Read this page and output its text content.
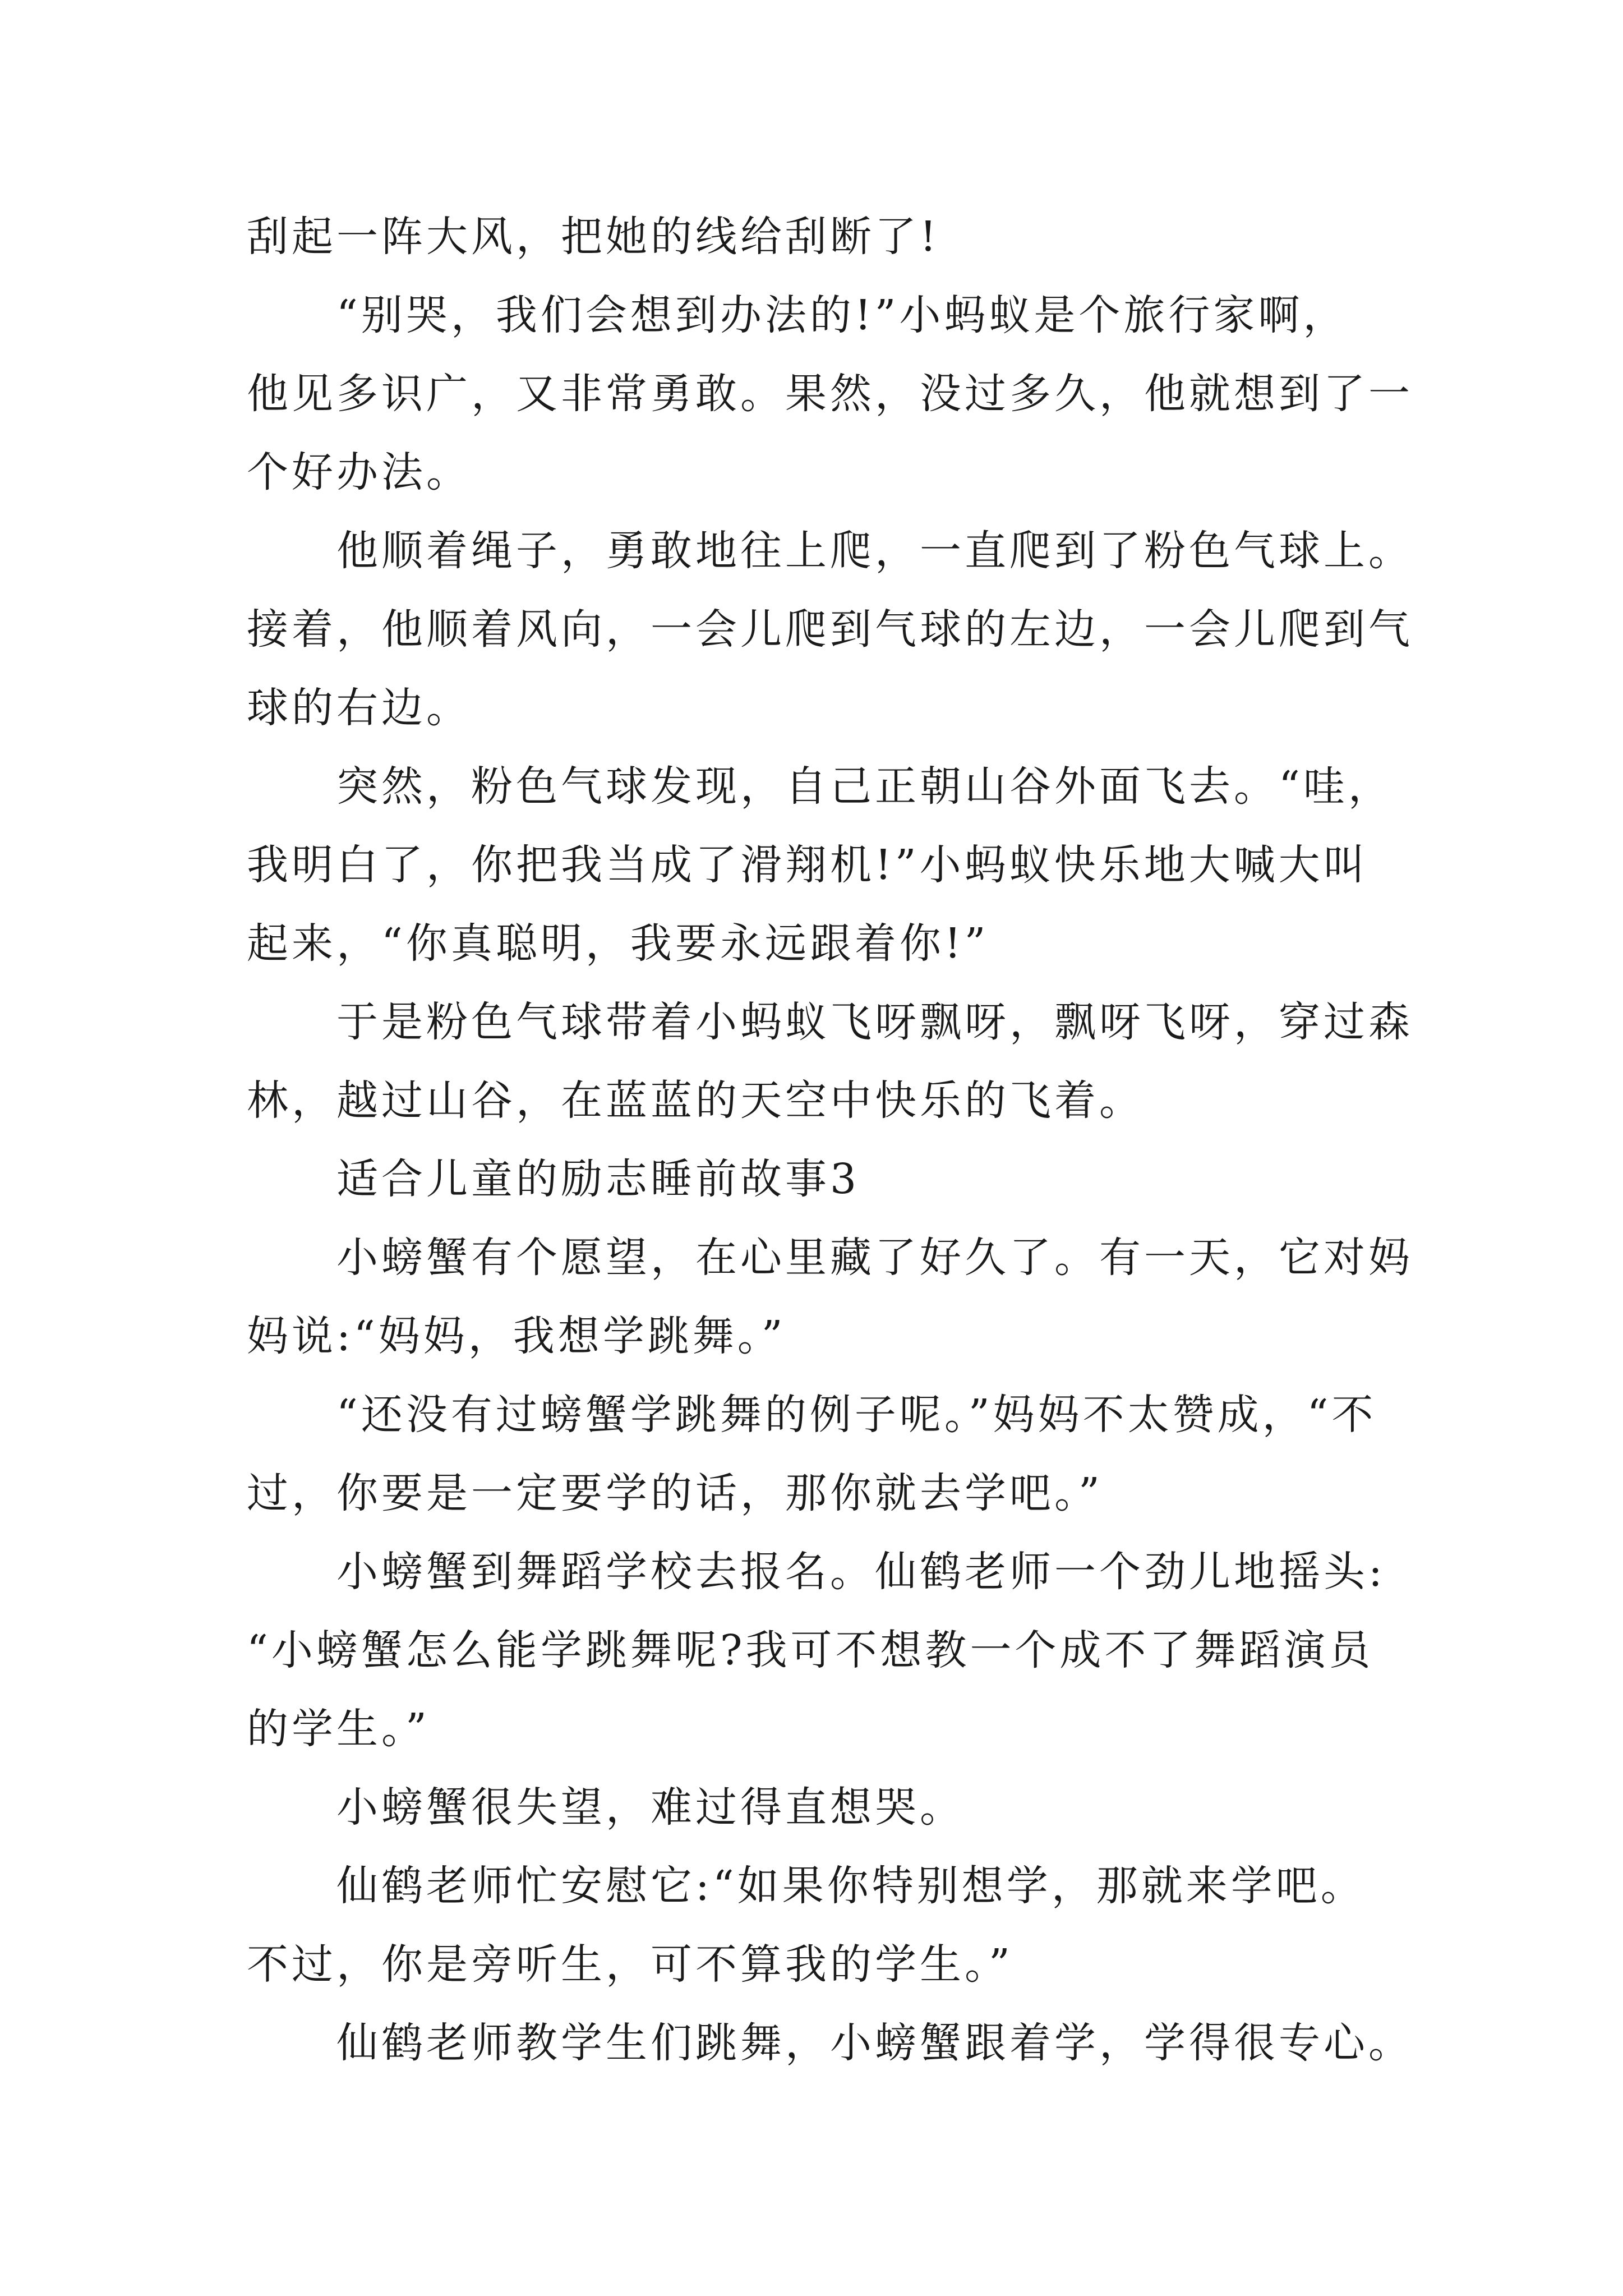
刮起一阵大风，把她的线给刮断了!
“别哭，我们会想到办法的!”小蚂蚁是个旅行家啊，
他见多识广，又非常勇敢。果然，没过多久，他就想到了一
个好办法。
他顺着绳子，勇敢地往上爬，一直爬到了粉色气球上。
接着，他顺着风向，一会儿爬到气球的左边，一会儿爬到气
球的右边。
突然，粉色气球发现，自己正朝山谷外面飞去。“哇，
我明白了，你把我当成了滑翔机!”小蚂蚁快乐地大喊大叫
起来，“你真聪明，我要永远跟着你!”
于是粉色气球带着小蚂蚁飞呀飘呀，飘呀飞呀，穿过森
林，越过山谷，在蓝蓝的天空中快乐的飞着。
适合儿童的励志睡前故事3
小螃蟹有个愿望，在心里藏了好久了。有一天，它对妈
妈说:“妈妈，我想学跳舞。”
“还没有过螃蟹学跳舞的例子呢。”妈妈不太赞成，“不
过，你要是一定要学的话，那你就去学吧。”
小螃蟹到舞蹈学校去报名。仙鹤老师一个劲儿地摇头:
“小螃蟹怎么能学跳舞呢?我可不想教一个成不了舞蹈演员
的学生。”
小螃蟹很失望，难过得直想哭。
仙鹤老师忙安慰它:“如果你特别想学，那就来学吧。
不过，你是旁听生，可不算我的学生。”
仙鹤老师教学生们跳舞，小螃蟹跟着学，学得很专心。
